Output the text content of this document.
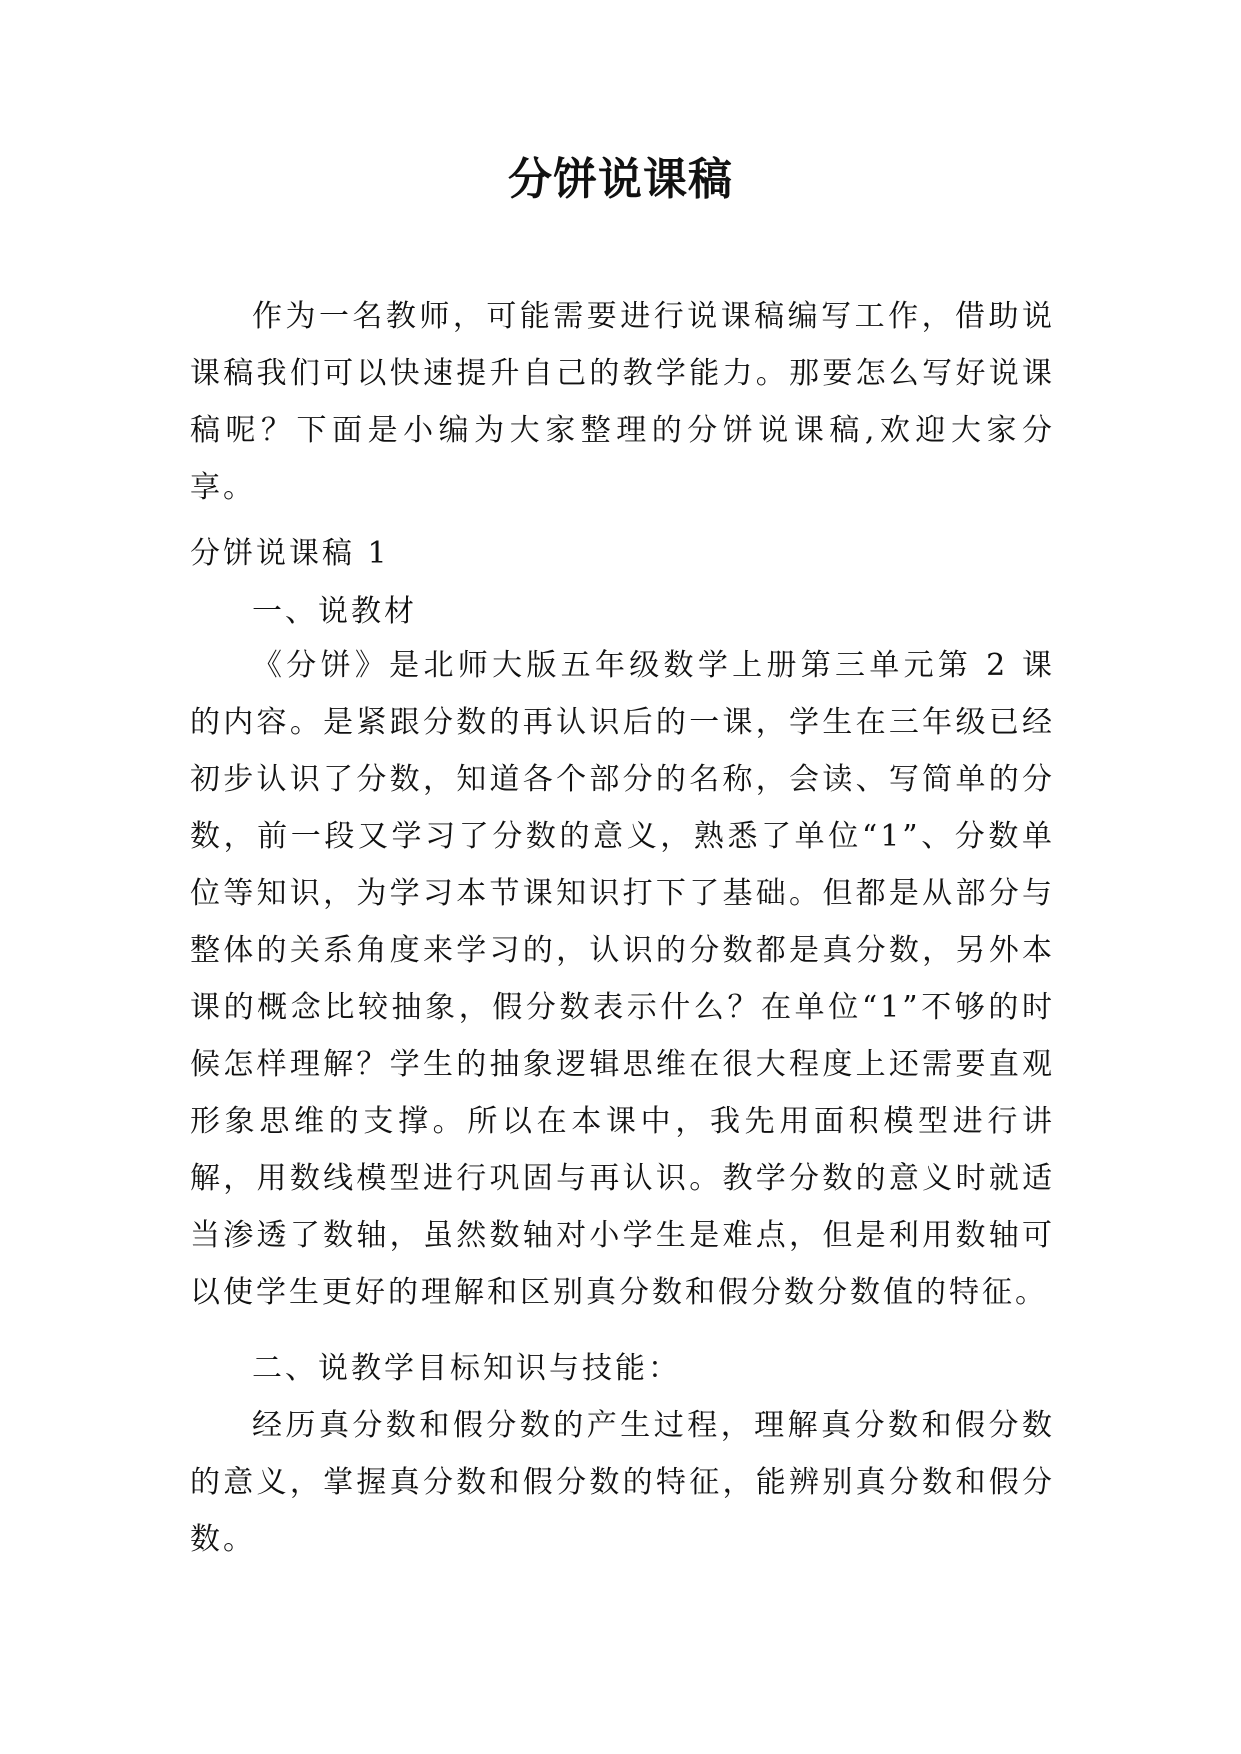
分饼说课稿

作为一名教师，可能需要进行说课稿编写工作，借助说课稿我们可以快速提升自己的教学能力。那要怎么写好说课稿呢？下面是小编为大家整理的分饼说课稿,欢迎大家分享。

分饼说课稿 1

一、说教材

《分饼》是北师大版五年级数学上册第三单元第 2 课的内容。是紧跟分数的再认识后的一课，学生在三年级已经初步认识了分数，知道各个部分的名称，会读、写简单的分数，前一段又学习了分数的意义，熟悉了单位“1”、分数单位等知识，为学习本节课知识打下了基础。但都是从部分与整体的关系角度来学习的，认识的分数都是真分数，另外本课的概念比较抽象，假分数表示什么？在单位“1”不够的时候怎样理解？学生的抽象逻辑思维在很大程度上还需要直观形象思维的支撑。所以在本课中，我先用面积模型进行讲解，用数线模型进行巩固与再认识。教学分数的意义时就适当渗透了数轴，虽然数轴对小学生是难点，但是利用数轴可以使学生更好的理解和区别真分数和假分数分数值的特征。

二、说教学目标知识与技能：

经历真分数和假分数的产生过程，理解真分数和假分数的意义，掌握真分数和假分数的特征，能辨别真分数和假分数。
